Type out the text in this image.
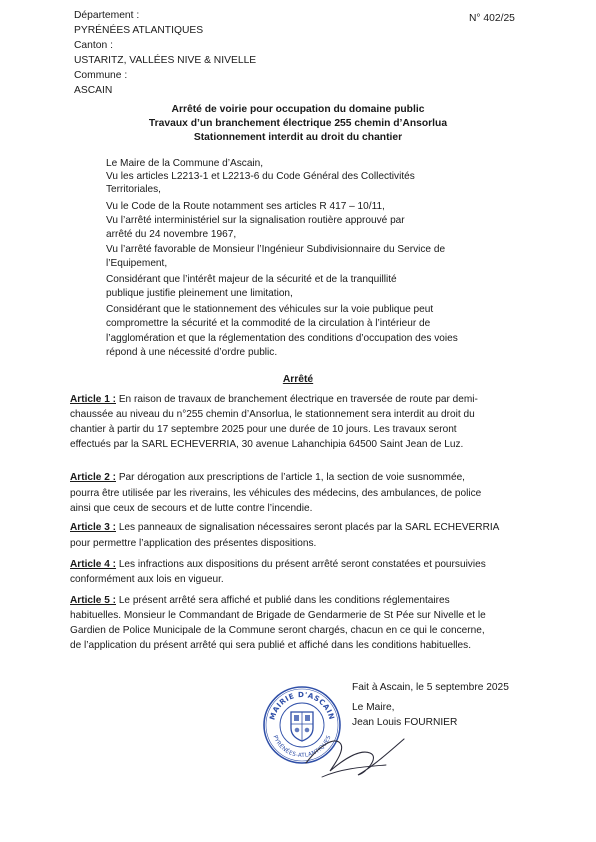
Département :
PYRÉNÉES ATLANTIQUES
Canton :
USTARITZ, VALLÉES NIVE & NIVELLE
Commune :
ASCAIN
N° 402/25
Arrêté de voirie pour occupation du domaine public
Travaux d’un branchement électrique 255 chemin d’Ansorlua
Stationnement interdit au droit du chantier
Le Maire de la Commune d’Ascain,
Vu les articles L2213-1 et L2213-6 du Code Général des Collectivités
Territoriales,
Vu le Code de la Route notamment ses articles R 417 – 10/11,
Vu l’arrêté interministériel sur la signalisation routière approuvé par
arrêté du 24 novembre 1967,
Vu l’arrêté favorable de Monsieur l’Ingénieur Subdivisionnaire du Service de
l’Equipement,
Considérant que l’intérêt majeur de la sécurité et de la tranquillité
publique justifie pleinement une limitation,
Considérant que le stationnement des véhicules sur la voie publique peut
compromettre la sécurité et la commodité de la circulation à l’intérieur de
l’agglomération et que la réglementation des conditions d’occupation des voies
répond à une nécessité d’ordre public.
Arrêté
Article 1 : En raison de travaux de branchement électrique en traversée de route par demi-
chaussée au niveau du n°255 chemin d’Ansorlua, le stationnement sera interdit au droit du
chantier à partir du 17 septembre 2025 pour une durée de 10 jours. Les travaux seront
effectués par la SARL ECHEVERRIA, 30 avenue Lahanchipia 64500 Saint Jean de Luz.
Article 2 : Par dérogation aux prescriptions de l’article 1, la section de voie susnommée,
pourra être utilisée par les riverains, les véhicules des médecins, des ambulances, de police
ainsi que ceux de secours et de lutte contre l’incendie.
Article 3 : Les panneaux de signalisation nécessaires seront placés par la SARL ECHEVERRIA
pour permettre l’application des présentes dispositions.
Article 4 : Les infractions aux dispositions du présent arrêté seront constatées et poursuivies
conformément aux lois en vigueur.
Article 5 : Le présent arrêté sera affiché et publié dans les conditions réglementaires
habituelles. Monsieur le Commandant de Brigade de Gendarmerie de St Pée sur Nivelle et le
Gardien de Police Municipale de la Commune seront chargés, chacun en ce qui le concerne,
de l’application du présent arrêté qui sera publié et affiché dans les conditions habituelles.
Fait à Ascain, le 5 septembre 2025
Le Maire,
Jean Louis FOURNIER
MAIRIE D'ASCAIN
PYRÉNÉES-ATLANTIQUES
